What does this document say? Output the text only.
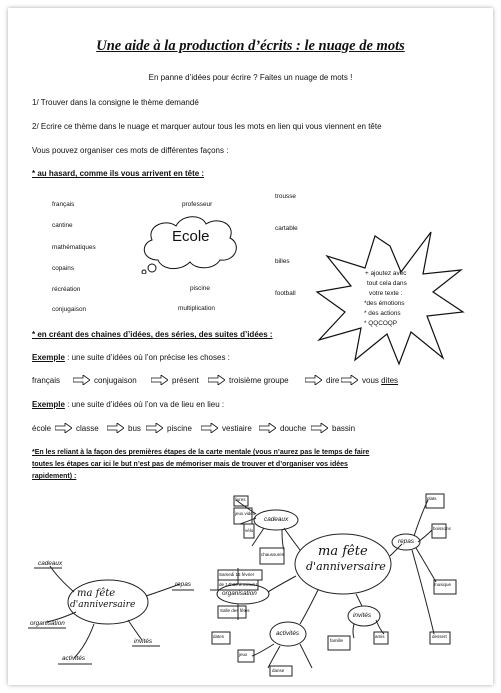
Une aide à la production d’écrits : le nuage de mots
En panne d’idées pour écrire ? Faites un nuage de mots !
1/ Trouver dans la consigne le thème demandé
2/ Ecrire ce thème dans le nuage et marquer autour tous les mots en lien qui vous viennent en tête
Vous pouvez organiser ces mots de différentes façons :
* au hasard, comme ils vous arrivent en tête :
Ecole
français	professeur
trousse
cantine	cartable
mathématiques
billes
copains
récréation	piscine
football
conjugaison	multiplication
+ ajoutez avec
tout cela dans
votre texte :
*des émotions
* des actions
* QQCOQP
* en créant des chaines d’idées, des séries, des suites d’idées :
Exemple : une suite d’idées où l’on précise les choses :
français	conjugaison	présent	troisième groupe	dire	vous dites
Exemple : une suite d’idées où l’on va de lieu en lieu :
école	classe	bus	piscine	vestiaire	douche	bassin
*En les reliant à la façon des premières étapes de la carte mentale (vous n’aurez pas le temps de faire
toutes les étapes car ici le but n’est pas de mémoriser mais de trouver et d’organiser vos idées
rapidement) :
ma fête
d'anniversaire
cadeaux
repas
organisation
invités
activités
ma fête
d'anniversaire
cadeaux
organisation
activités
invités
repas
livres
jeux vidéo
vélo
chaussures
Samedi 15 février
de 14h30 à minuit !
Salle des fêtes
dates
plats
boissons
dessert
famille
amis
jeux
danse
musique
